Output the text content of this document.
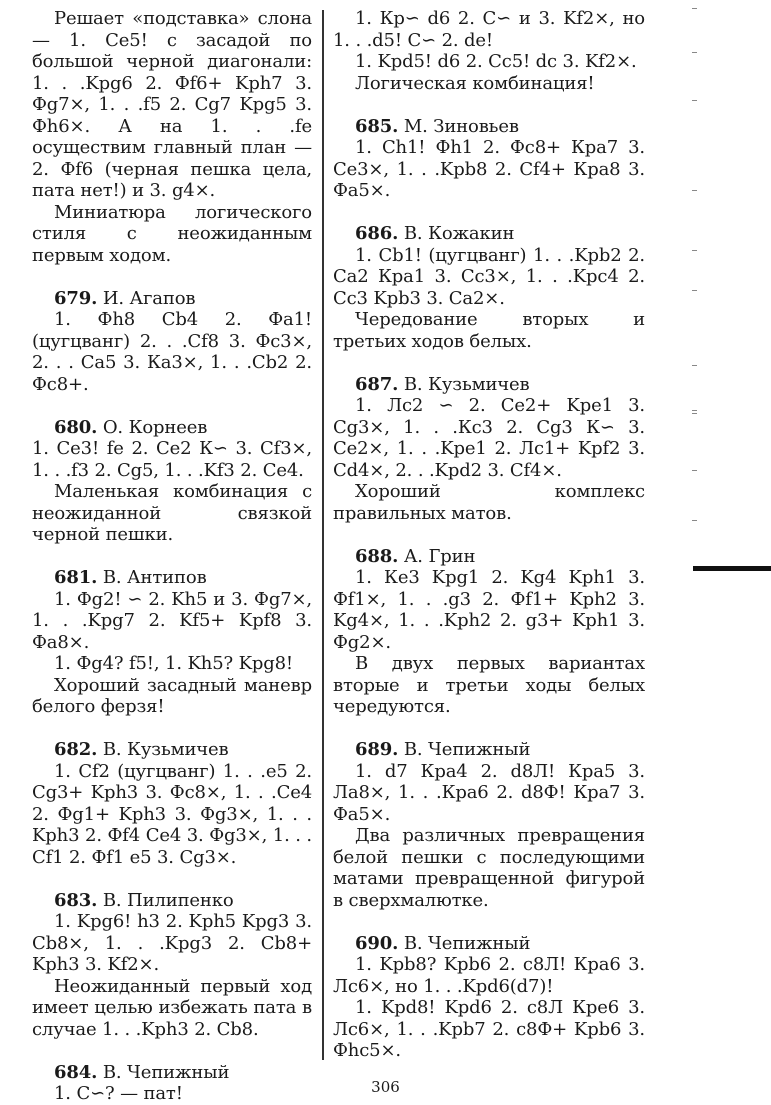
Решает «подставка» слона — 1. Се5! с засадой по большой черной диагонали: 1. . .Kpg6 2. Фf6+ Kph7 3. Фg7×, 1. . .f5 2. Cg7 Kpg5 3. Фh6×. А на 1. . .fe осуществим главный план — 2. Фf6 (черная пешка цела, пата нет!) и 3. g4×.

Миниатюра логического стиля с неожиданным первым ходом.

679. И. Агапов

1. Фh8 Cb4 2. Фа1! (цугцванг) 2. . .Cf8 3. Фс3×, 2. . . Са5 3. Ка3×, 1. . .Cb2 2. Фс8+.

680. О. Корнеев

1. Се3! fe 2. Се2 К∽ 3. Cf3×, 1. . .f3 2. Cg5, 1. . .Kf3 2. Се4.

Маленькая комбинация с неожиданной связкой черной пешки.

681. В. Антипов

1. Фg2! ∽ 2. Kh5 и 3. Фg7×, 1. . .Kpg7 2. Kf5+ Kpf8 3. Фа8×.

1. Фg4? f5!, 1. Kh5? Kpg8!

Хороший засадный маневр белого ферзя!

682. В. Кузьмичев

1. Cf2 (цугцванг) 1. . .е5 2. Cg3+ Kph3 3. Фс8×, 1. . .Се4 2. Фg1+ Kph3 3. Фg3×, 1. . . Kph3 2. Фf4 Се4 3. Фg3×, 1. . . Cf1 2. Фf1 е5 3. Cg3×.

683. В. Пилипенко

1. Kpg6! h3 2. Kph5 Kpg3 3. Cb8×, 1. . .Kpg3 2. Cb8+ Kph3 3. Kf2×.

Неожиданный первый ход имеет целью избежать пата в случае 1. . .Kph3 2. Cb8.

684. В. Чепижный

1. С∽? — пат!

1. Кр∽ d6 2. С∽ и 3. Kf2×, но 1. . .d5! С∽ 2. de!

1. Kpd5! d6 2. Cc5! dc 3. Kf2×.

Логическая комбинация!

685. М. Зиновьев

1. Ch1! Фh1 2. Фс8+ Кра7 3. Се3×, 1. . .Kpb8 2. Cf4+ Кра8 3. Фа5×.

686. В. Кожакин

1. Cb1! (цугцванг) 1. . .Kpb2 2. Са2 Кра1 3. Сс3×, 1. . .Kpc4 2. Сс3 Kpb3 3. Са2×.

Чередование вторых и третьих ходов белых.

687. В. Кузьмичев

1. Лс2 ∽ 2. Се2+ Kpe1 3. Cg3×, 1. . .Кс3 2. Cg3 К∽ 3. Се2×, 1. . .Kpe1 2. Лс1+ Kpf2 3. Cd4×, 2. . .Kpd2 3. Cf4×.

Хороший комплекс правильных матов.

688. А. Грин

1. Ке3 Kpg1 2. Kg4 Kph1 3. Фf1×, 1. . .g3 2. Фf1+ Kph2 3. Kg4×, 1. . .Kph2 2. g3+ Kph1 3. Фg2×.

В двух первых вариантах вторые и третьи ходы белых чередуются.

689. В. Чепижный

1. d7 Кра4 2. d8Л! Кра5 3. Ла8×, 1. . .Кра6 2. d8Ф! Кра7 3. Фа5×.

Два различных превращения белой пешки с последующими матами превращенной фигурой в сверхмалютке.

690. В. Чепижный

1. Kpb8? Kpb6 2. с8Л! Кра6 3. Лс6×, но 1. . .Kpd6(d7)!

1. Kpd8! Kpd6 2. с8Л Кре6 3. Лс6×, 1. . .Kpb7 2. с8Ф+ Kpb6 3. Фhc5×.

306
